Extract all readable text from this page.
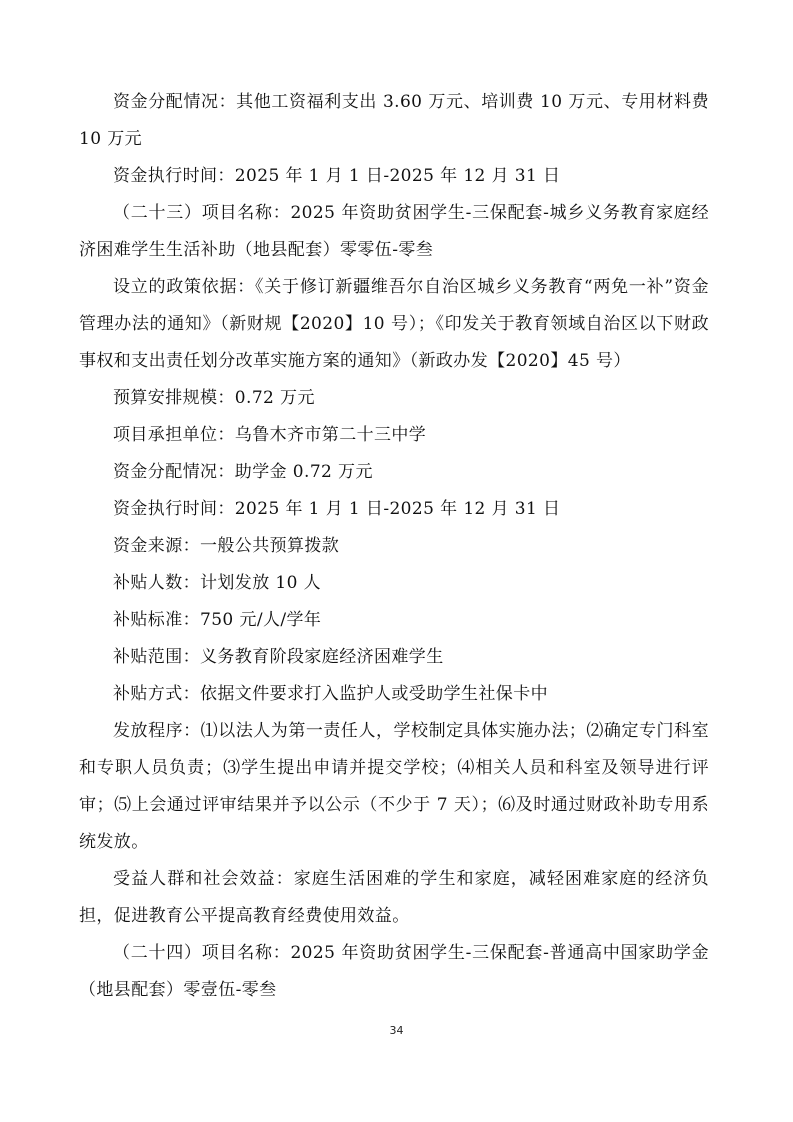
资金分配情况：其他工资福利支出 3.60 万元、培训费 10 万元、专用材料费 10 万元

资金执行时间：2025 年 1 月 1 日-2025 年 12 月 31 日

（二十三）项目名称：2025 年资助贫困学生-三保配套-城乡义务教育家庭经济困难学生生活补助（地县配套）零零伍-零叁

设立的政策依据：《关于修订新疆维吾尔自治区城乡义务教育“两免一补”资金管理办法的通知》（新财规【2020】10 号）；《印发关于教育领域自治区以下财政事权和支出责任划分改革实施方案的通知》（新政办发【2020】45 号）

预算安排规模：0.72 万元

项目承担单位：乌鲁木齐市第二十三中学

资金分配情况：助学金 0.72 万元

资金执行时间：2025 年 1 月 1 日-2025 年 12 月 31 日

资金来源：一般公共预算拨款

补贴人数：计划发放 10 人

补贴标准：750 元/人/学年

补贴范围：义务教育阶段家庭经济困难学生

补贴方式：依据文件要求打入监护人或受助学生社保卡中

发放程序：⑴以法人为第一责任人，学校制定具体实施办法；⑵确定专门科室和专职人员负责；⑶学生提出申请并提交学校；⑷相关人员和科室及领导进行评审；⑸上会通过评审结果并予以公示（不少于 7 天）；⑹及时通过财政补助专用系统发放。

受益人群和社会效益：家庭生活困难的学生和家庭，减轻困难家庭的经济负担，促进教育公平提高教育经费使用效益。

（二十四）项目名称：2025 年资助贫困学生-三保配套-普通高中国家助学金（地县配套）零壹伍-零叁

34
